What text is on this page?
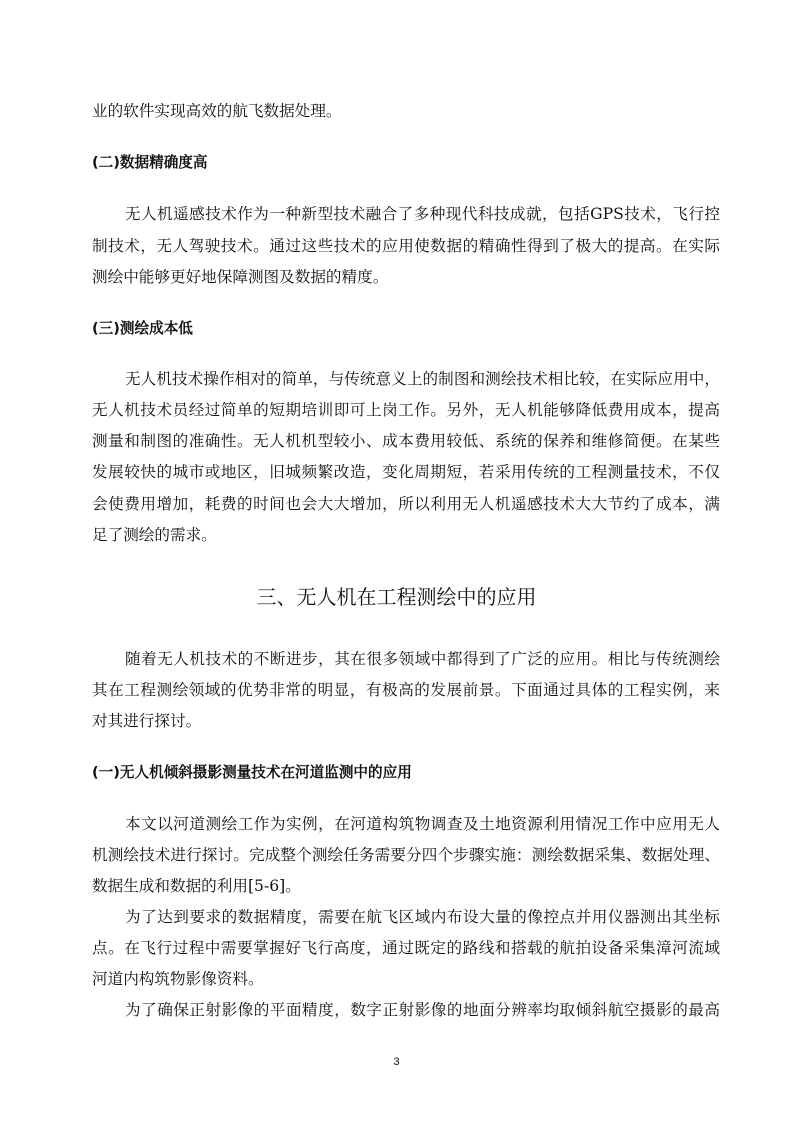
业的软件实现高效的航飞数据处理。
(二)数据精确度高
无人机遥感技术作为一种新型技术融合了多种现代科技成就，包括GPS技术，飞行控
制技术，无人驾驶技术。通过这些技术的应用使数据的精确性得到了极大的提高。在实际
测绘中能够更好地保障测图及数据的精度。
(三)测绘成本低
无人机技术操作相对的简单，与传统意义上的制图和测绘技术相比较，在实际应用中，
无人机技术员经过简单的短期培训即可上岗工作。另外，无人机能够降低费用成本，提高
测量和制图的准确性。无人机机型较小、成本费用较低、系统的保养和维修简便。在某些
发展较快的城市或地区，旧城频繁改造，变化周期短，若采用传统的工程测量技术，不仅
会使费用增加，耗费的时间也会大大增加，所以利用无人机遥感技术大大节约了成本，满
足了测绘的需求。
三、无人机在工程测绘中的应用
随着无人机技术的不断进步，其在很多领域中都得到了广泛的应用。相比与传统测绘
其在工程测绘领域的优势非常的明显，有极高的发展前景。下面通过具体的工程实例，来
对其进行探讨。
(一)无人机倾斜摄影测量技术在河道监测中的应用
本文以河道测绘工作为实例，在河道构筑物调查及土地资源利用情况工作中应用无人
机测绘技术进行探讨。完成整个测绘任务需要分四个步骤实施：测绘数据采集、数据处理、
数据生成和数据的利用[5-6]。
为了达到要求的数据精度，需要在航飞区域内布设大量的像控点并用仪器测出其坐标
点。在飞行过程中需要掌握好飞行高度，通过既定的路线和搭载的航拍设备采集漳河流域
河道内构筑物影像资料。
为了确保正射影像的平面精度，数字正射影像的地面分辨率均取倾斜航空摄影的最高
3
